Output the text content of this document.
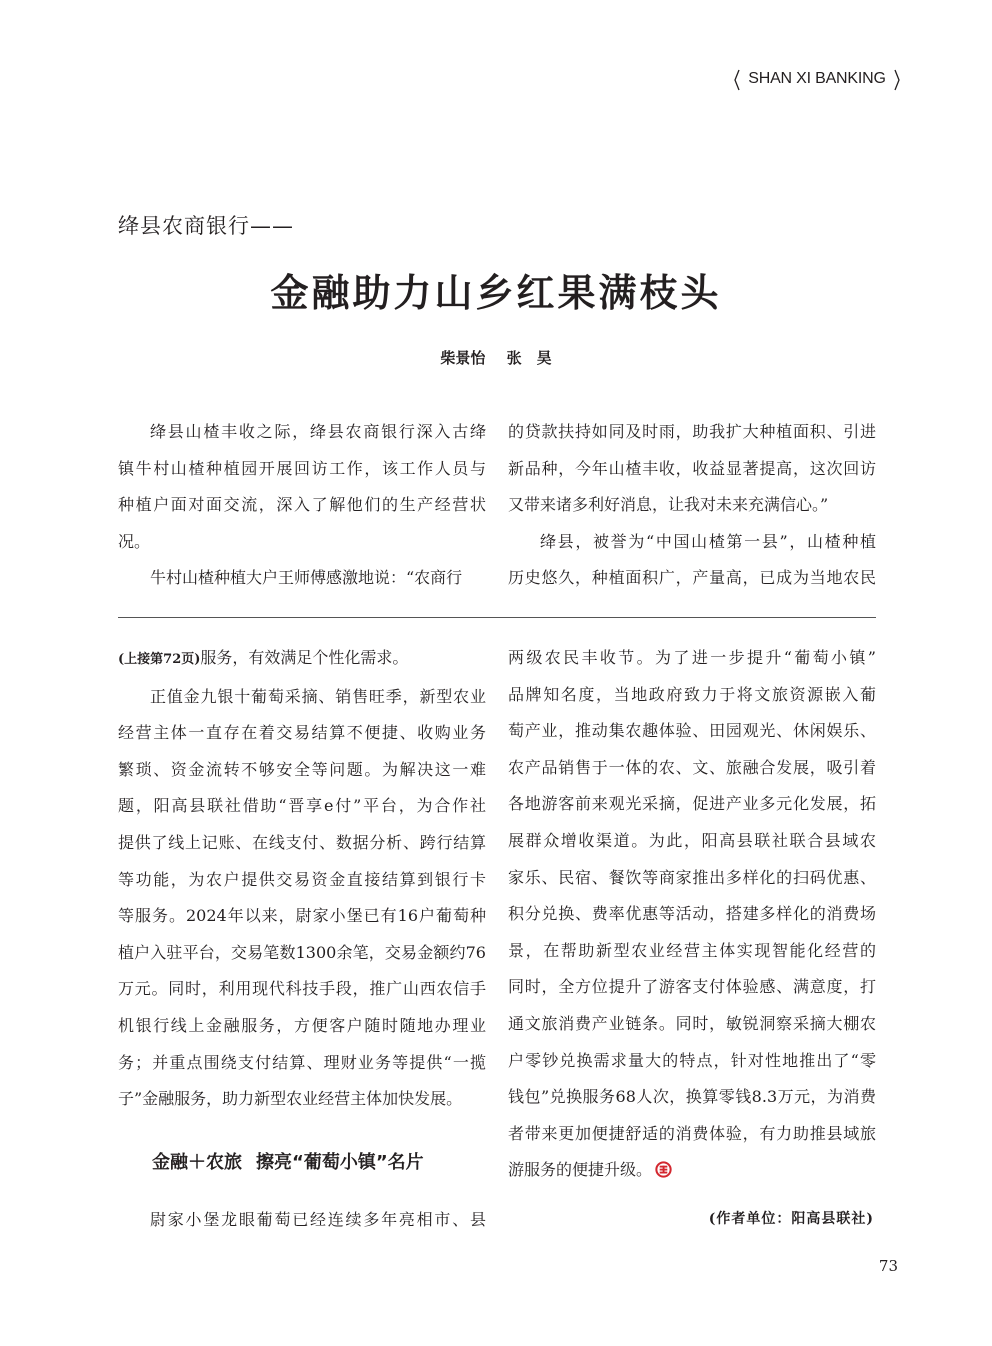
SHAN XI BANKING
绛县农商银行——
金融助力山乡红果满枝头
柴景怡 张　昊

绛县山楂丰收之际，绛县农商银行深入古绛

镇牛村山楂种植园开展回访工作，该工作人员与
种植户面对面交流，深入了解他们的生产经营状

况。

牛村山楂种植大户王师傅感激地说：“农商行

的贷款扶持如同及时雨，助我扩大种植面积、引进
新品种，今年山楂丰收，收益显著提高，这次回访

又带来诸多利好消息，让我对未来充满信心。”

绛县，被誉为“中国山楂第一县”，山楂种植

历史悠久，种植面积广，产量高，已成为当地农民

(上接第72页)服务，有效满足个性化需求。

正值金九银十葡萄采摘、销售旺季，新型农业

经营主体一直存在着交易结算不便捷、收购业务
繁琐、资金流转不够安全等问题。为解决这一难
题，阳高县联社借助“晋享e付”平台，为合作社
提供了线上记账、在线支付、数据分析、跨行结算
等功能，为农户提供交易资金直接结算到银行卡
等服务。2024年以来，尉家小堡已有16户葡萄种
植户入驻平台，交易笔数1300余笔，交易金额约76
万元。同时，利用现代科技手段，推广山西农信手
机银行线上金融服务，方便客户随时随地办理业
务；并重点围绕支付结算、理财业务等提供“一揽

子”金融服务，助力新型农业经营主体加快发展。

金融＋农旅 擦亮“葡萄小镇”名片

尉家小堡龙眼葡萄已经连续多年亮相市、县

两级农民丰收节。为了进一步提升“葡萄小镇”
品牌知名度，当地政府致力于将文旅资源嵌入葡
萄产业，推动集农趣体验、田园观光、休闲娱乐、
农产品销售于一体的农、文、旅融合发展，吸引着
各地游客前来观光采摘，促进产业多元化发展，拓
展群众增收渠道。为此，阳高县联社联合县域农
家乐、民宿、餐饮等商家推出多样化的扫码优惠、
积分兑换、费率优惠等活动，搭建多样化的消费场
景，在帮助新型农业经营主体实现智能化经营的
同时，全方位提升了游客支付体验感、满意度，打
通文旅消费产业链条。同时，敏锐洞察采摘大棚农
户零钞兑换需求量大的特点，针对性地推出了“零
钱包”兑换服务68人次，换算零钱8.3万元，为消费
者带来更加便捷舒适的消费体验，有力助推县域旅

游服务的便捷升级。

(作者单位：阳高县联社)
73
